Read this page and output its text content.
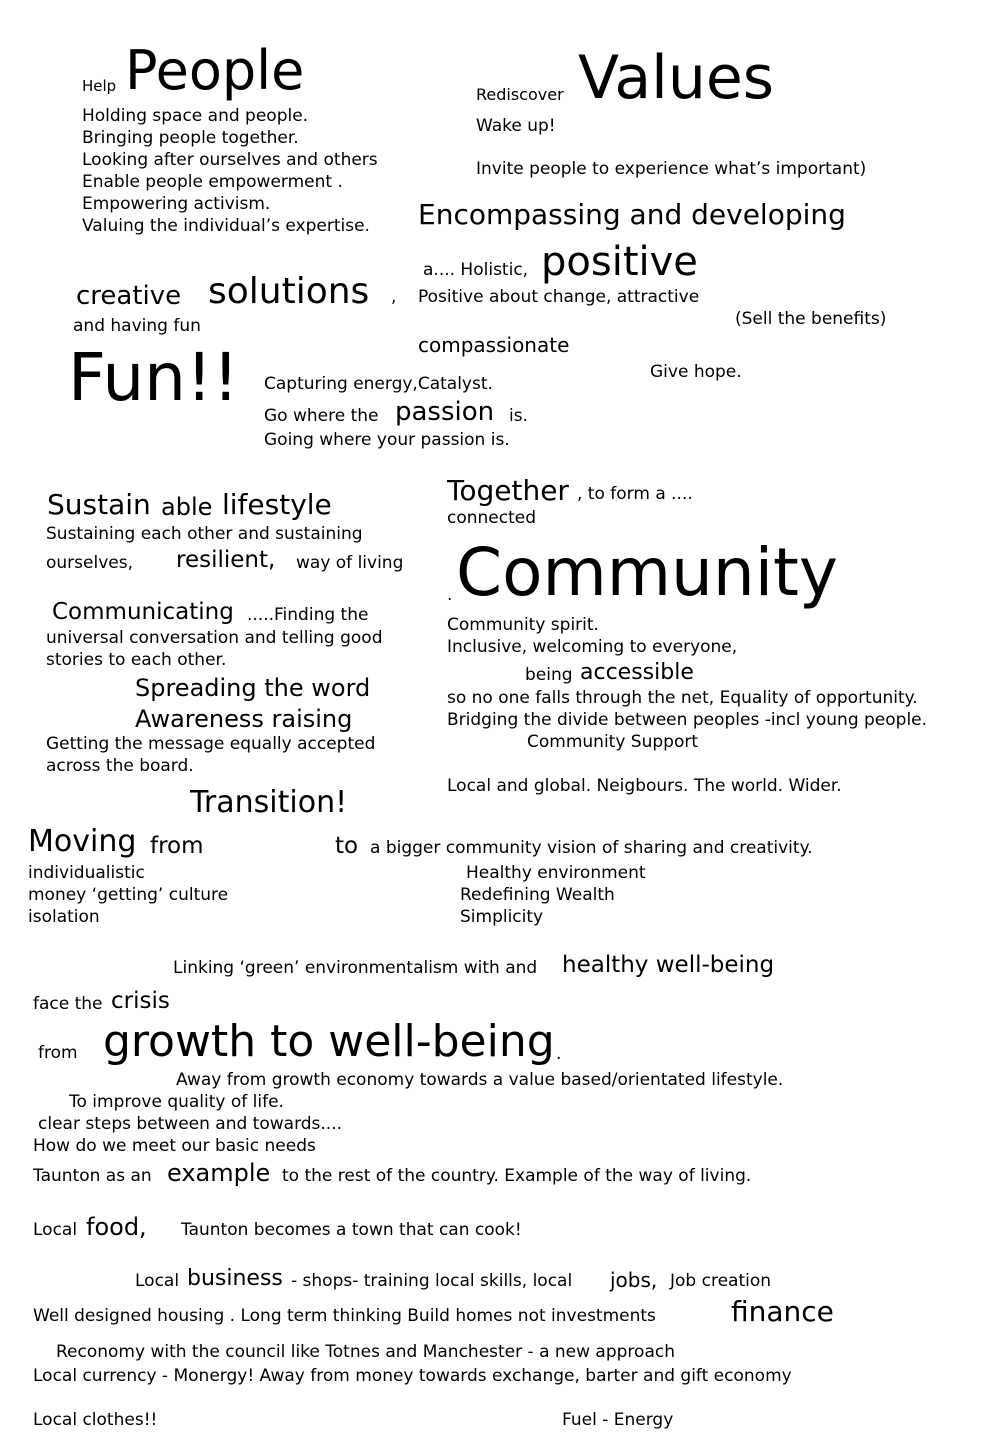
Help People
Holding space and people.
Bringing people together.
Looking after ourselves and others
Enable people empowerment .
Empowering activism.
Valuing the individual’s expertise.
Rediscover Values
Wake up!
Invite people to experience what’s important)
Encompassing and developing
a.... Holistic, positive
Positive about change, attractive
(Sell the benefits)
compassionate
Give hope.
creative solutions ,
and having fun
Fun!! Capturing energy,Catalyst.
Go where the passion is.
Going where your passion is.
Sustain able lifestyle
Sustaining each other and sustaining
ourselves, resilient, way of living
Communicating .....Finding the
universal conversation and telling good
stories to each other.
Spreading the word
Awareness raising
Getting the message equally accepted
across the board.
Transition!
Together , to form a ....
connected
. Community
Community spirit.
Inclusive, welcoming to everyone,
being accessible
so no one falls through the net, Equality of opportunity.
Bridging the divide between peoples -incl young people.
Community Support
Local and global. Neigbours. The world. Wider.
Moving from	to a bigger community vision of sharing and creativity.
individualistic
money ‘getting’ culture
isolation
Healthy environment
Redefining Wealth
Simplicity
Linking ‘green’ environmentalism with and healthy well-being
face the crisis
from growth to well-being .
Away from growth economy towards a value based/orientated lifestyle.
To improve quality of life.
clear steps between and towards....
How do we meet our basic needs
Taunton as an example to the rest of the country. Example of the way of living.
Local food, Taunton becomes a town that can cook!
Local business - shops- training local skills, local jobs, Job creation
Well designed housing . Long term thinking Build homes not investments	finance
Reconomy with the council like Totnes and Manchester - a new approach
Local currency - Monergy! Away from money towards exchange, barter and gift economy
Local clothes!!	Fuel - Energy
